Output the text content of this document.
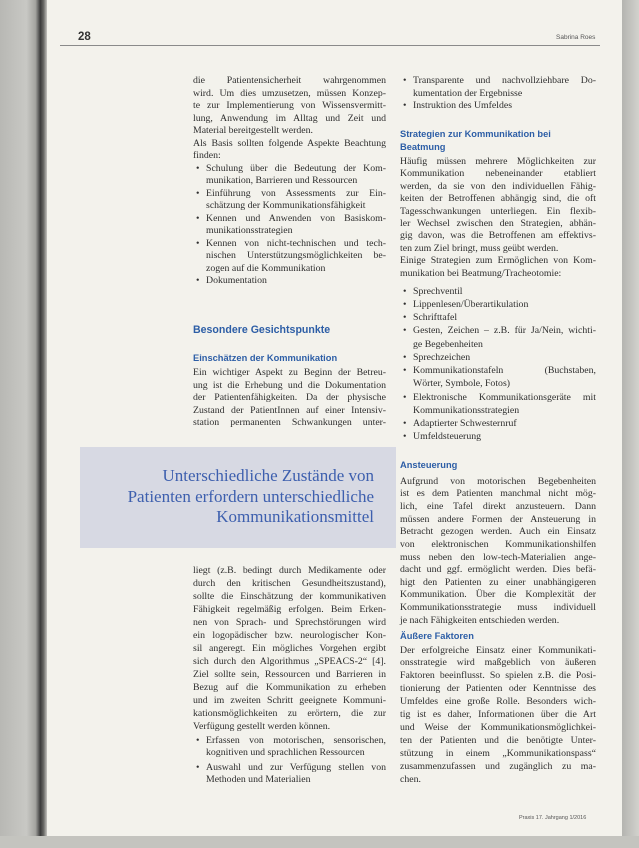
28	Sabrina Roes
die Patientensicherheit wahrgenommen
wird. Um dies umzusetzen, müssen Konzep-
te zur Implementierung von Wissensvermitt-
lung, Anwendung im Alltag und Zeit und
Material bereitgestellt werden.
Als Basis sollten folgende Aspekte Beachtung
finden:
•
Schulung über die Bedeutung der Kom-
munikation, Barrieren und Ressourcen
•
Einführung von Assessments zur Ein-
schätzung der Kommunikationsfähigkeit
•
Kennen und Anwenden von Basiskom-
munikationsstrategien
•
Kennen von nicht-technischen und tech-
nischen Unterstützungsmöglichkeiten be-
zogen auf die Kommunikation
•
Dokumentation
Besondere Gesichtspunkte
Einschätzen der Kommunikation
Ein wichtiger Aspekt zu Beginn der Betreu-
ung ist die Erhebung und die Dokumentation
der Patientenfähigkeiten. Da der physische
Zustand der PatientInnen auf einer Intensiv-
station permanenten Schwankungen unter-
Unterschiedliche Zustände von
Patienten erfordern unterschiedliche
Kommunikationsmittel
liegt (z.B. bedingt durch Medikamente oder
durch den kritischen Gesundheitszustand),
sollte die Einschätzung der kommunikativen
Fähigkeit regelmäßig erfolgen. Beim Erken-
nen von Sprach- und Sprechstörungen wird
ein logopädischer bzw. neurologischer Kon-
sil angeregt. Ein mögliches Vorgehen ergibt
sich durch den Algorithmus „SPEACS-2“ [4].
Ziel sollte sein, Ressourcen und Barrieren in
Bezug auf die Kommunikation zu erheben
und im zweiten Schritt geeignete Kommuni-
kationsmöglichkeiten zu erörtern, die zur
Verfügung gestellt werden können.
•
Erfassen von motorischen, sensorischen,
kognitiven und sprachlichen Ressourcen
•
Auswahl und zur Verfügung stellen von
Methoden und Materialien
•
Transparente und nachvollziehbare Do-
kumentation der Ergebnisse
•
Instruktion des Umfeldes
Strategien zur Kommunikation bei
Beatmung
Häufig müssen mehrere Möglichkeiten zur
Kommunikation nebeneinander etabliert
werden, da sie von den individuellen Fähig-
keiten der Betroffenen abhängig sind, die oft
Tagesschwankungen unterliegen. Ein flexib-
ler Wechsel zwischen den Strategien, abhän-
gig davon, was die Betroffenen am effektivs-
ten zum Ziel bringt, muss geübt werden.
Einige Strategien zum Ermöglichen von Kom-
munikation bei Beatmung/Tracheotomie:
•
Sprechventil
•
Lippenlesen/Überartikulation
•
Schrifttafel
•
Gesten, Zeichen – z.B. für Ja/Nein, wichti-
ge Begebenheiten
•
Sprechzeichen
•
Kommunikationstafeln (Buchstaben,
Wörter, Symbole, Fotos)
•
Elektronische Kommunikationsgeräte mit
Kommunikationsstrategien
•
Adaptierter Schwesternruf
•
Umfeldsteuerung
Ansteuerung
Aufgrund von motorischen Begebenheiten
ist es dem Patienten manchmal nicht mög-
lich, eine Tafel direkt anzusteuern. Dann
müssen andere Formen der Ansteuerung in
Betracht gezogen werden. Auch ein Einsatz
von elektronischen Kommunikationshilfen
muss neben den low-tech-Materialien ange-
dacht und ggf. ermöglicht werden. Dies befä-
higt den Patienten zu einer unabhängigeren
Kommunikation. Über die Komplexität der
Kommunikationsstrategie muss individuell
je nach Fähigkeiten entschieden werden.
Äußere Faktoren
Der erfolgreiche Einsatz einer Kommunikati-
onsstrategie wird maßgeblich von äußeren
Faktoren beeinflusst. So spielen z.B. die Posi-
tionierung der Patienten oder Kenntnisse des
Umfeldes eine große Rolle. Besonders wich-
tig ist es daher, Informationen über die Art
und Weise der Kommunikationsmöglichkei-
ten der Patienten und die benötigte Unter-
stützung in einem „Kommunikationspass“
zusammenzufassen und zugänglich zu ma-
chen.
Praxis 17. Jahrgang 1/2016
